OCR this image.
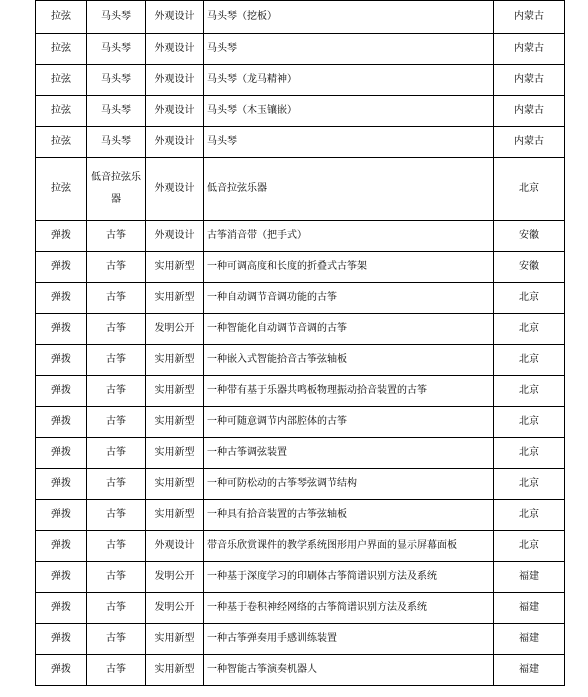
拉弦	马头琴	外观设计	马头琴（挖板）	内蒙古
拉弦	马头琴	外观设计	马头琴	内蒙古
拉弦	马头琴	外观设计	马头琴（龙马精神）	内蒙古
拉弦	马头琴	外观设计	马头琴（木玉镶嵌）	内蒙古
拉弦	马头琴	外观设计	马头琴	内蒙古
拉弦	低音拉弦乐器	外观设计	低音拉弦乐器	北京
弹拨	古筝	外观设计	古筝消音带（把手式）	安徽
弹拨	古筝	实用新型	一种可调高度和长度的折叠式古筝架	安徽
弹拨	古筝	实用新型	一种自动调节音调功能的古筝	北京
弹拨	古筝	发明公开	一种智能化自动调节音调的古筝	北京
弹拨	古筝	实用新型	一种嵌入式智能拾音古筝弦轴板	北京
弹拨	古筝	实用新型	一种带有基于乐器共鸣板物理振动拾音装置的古筝	北京
弹拨	古筝	实用新型	一种可随意调节内部腔体的古筝	北京
弹拨	古筝	实用新型	一种古筝调弦装置	北京
弹拨	古筝	实用新型	一种可防松动的古筝琴弦调节结构	北京
弹拨	古筝	实用新型	一种具有拾音装置的古筝弦轴板	北京
弹拨	古筝	外观设计	带音乐欣赏课件的教学系统图形用户界面的显示屏幕面板	北京
弹拨	古筝	发明公开	一种基于深度学习的印刷体古筝简谱识别方法及系统	福建
弹拨	古筝	发明公开	一种基于卷积神经网络的古筝简谱识别方法及系统	福建
弹拨	古筝	实用新型	一种古筝弹奏用手感训练装置	福建
弹拨	古筝	实用新型	一种智能古筝演奏机器人	福建
